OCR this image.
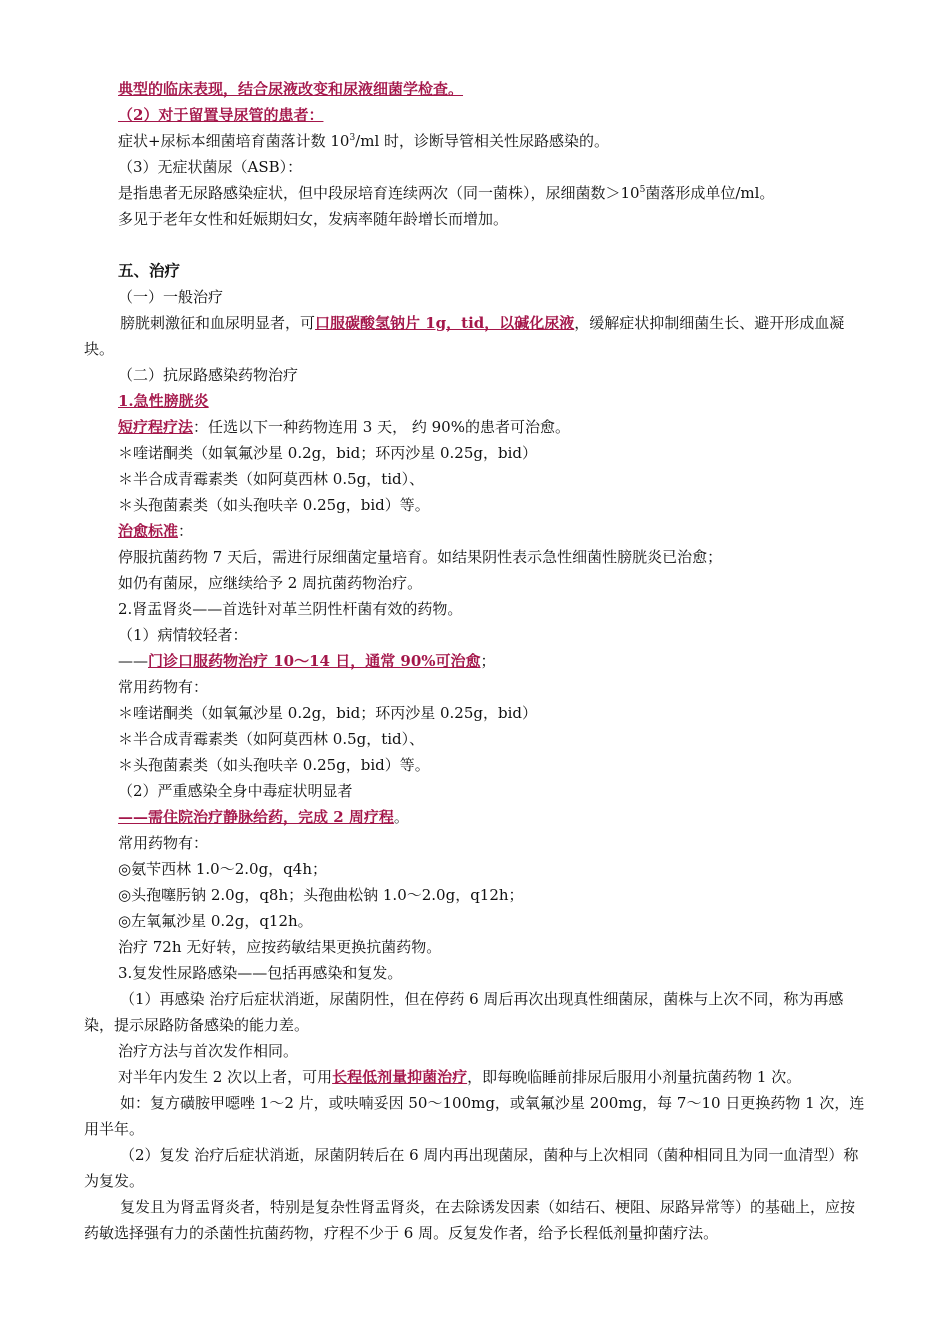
典型的临床表现，结合尿液改变和尿液细菌学检查。
（2）对于留置导尿管的患者：
症状+尿标本细菌培育菌落计数 $10^3/ml$ 时，诊断导管相关性尿路感染的。
（3）无症状菌尿（ASB）：
是指患者无尿路感染症状，但中段尿培育连续两次（同一菌株），尿细菌数$>10^5$菌落形成单位/ml。
多见于老年女性和妊娠期妇女，发病率随年龄增长而增加。
五、治疗
（一）一般治疗
膀胱刺激征和血尿明显者，可口服碳酸氢钠片 1g，tid，以碱化尿液，缓解症状抑制细菌生长、避开形成血凝块。
（二）抗尿路感染药物治疗
1.急性膀胱炎
短疗程疗法：任选以下一种药物连用 3 天， 约 90%的患者可治愈。
＊喹诺酮类（如氧氟沙星 0.2g，bid；环丙沙星 0.25g，bid）
＊半合成青霉素类（如阿莫西林 0.5g，tid）、
＊头孢菌素类（如头孢呋辛 0.25g，bid）等。
治愈标准：
停服抗菌药物 7 天后，需进行尿细菌定量培育。如结果阴性表示急性细菌性膀胱炎已治愈；
如仍有菌尿，应继续给予 2 周抗菌药物治疗。
2.肾盂肾炎——首选针对革兰阴性杆菌有效的药物。
（1）病情较轻者：
——门诊口服药物治疗 10～14 日，通常 90%可治愈；
常用药物有：
＊喹诺酮类（如氧氟沙星 0.2g，bid；环丙沙星 0.25g，bid）
＊半合成青霉素类（如阿莫西林 0.5g，tid）、
＊头孢菌素类（如头孢呋辛 0.25g，bid）等。
（2）严重感染全身中毒症状明显者
——需住院治疗静脉给药，完成 2 周疗程。
常用药物有：
◎氨苄西林 1.0～2.0g，q4h；
◎头孢噻肟钠 2.0g，q8h；头孢曲松钠 1.0～2.0g，q12h；
◎左氧氟沙星 0.2g，q12h。
治疗 72h 无好转，应按药敏结果更换抗菌药物。
3.复发性尿路感染——包括再感染和复发。
（1）再感染 治疗后症状消逝，尿菌阴性，但在停药 6 周后再次出现真性细菌尿，菌株与上次不同，称为再感染，提示尿路防备感染的能力差。
治疗方法与首次发作相同。
对半年内发生 2 次以上者，可用长程低剂量抑菌治疗，即每晚临睡前排尿后服用小剂量抗菌药物 1 次。
如：复方磺胺甲噁唑 1～2 片，或呋喃妥因 50～100mg，或氧氟沙星 200mg，每 7～10 日更换药物 1 次，连用半年。
（2）复发 治疗后症状消逝，尿菌阴转后在 6 周内再出现菌尿，菌种与上次相同（菌种相同且为同一血清型）称为复发。
复发且为肾盂肾炎者，特别是复杂性肾盂肾炎，在去除诱发因素（如结石、梗阻、尿路异常等）的基础上，应按药敏选择强有力的杀菌性抗菌药物，疗程不少于 6 周。反复发作者，给予长程低剂量抑菌疗法。
